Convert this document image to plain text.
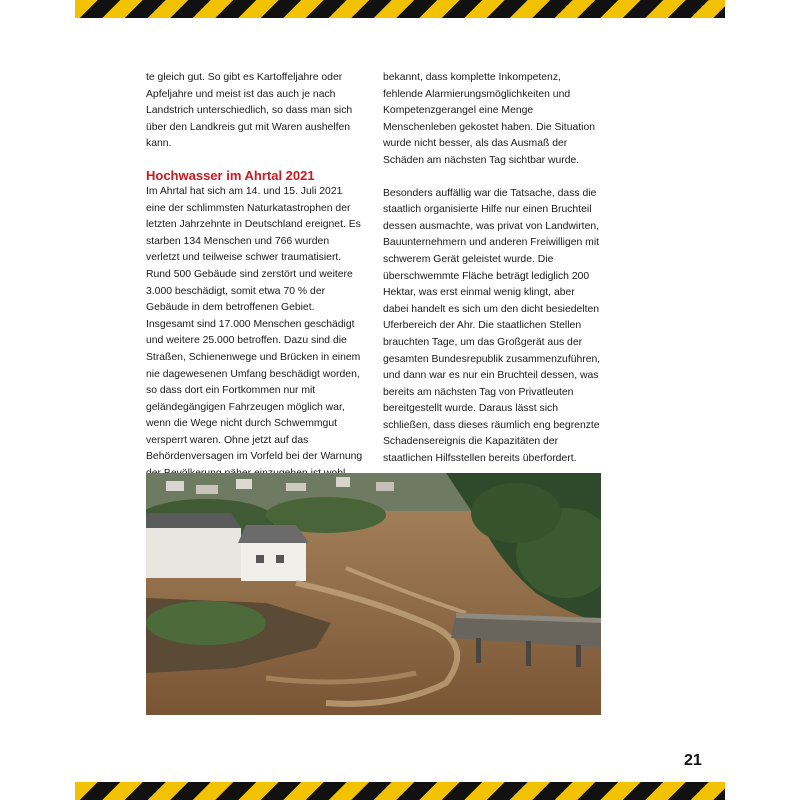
te gleich gut. So gibt es Kartoffeljahre oder Apfeljahre und meist ist das auch je nach Landstrich unterschiedlich, so dass man sich über den Landkreis gut mit Waren aushelfen kann.

Hochwasser im Ahrtal 2021

Im Ahrtal hat sich am 14. und 15. Juli 2021 eine der schlimmsten Naturkatastrophen der letzten Jahrzehnte in Deutschland ereignet. Es starben 134 Menschen und 766 wurden verletzt und teilweise schwer traumatisiert. Rund 500 Gebäude sind zerstört und weitere 3.000 beschädigt, somit etwa 70 % der Gebäude in dem betroffenen Gebiet. Insgesamt sind 17.000 Menschen geschädigt und weitere 25.000 betroffen. Dazu sind die Straßen, Schienenwege und Brücken in einem nie dagewesenen Umfang beschädigt worden, so dass dort ein Fortkommen nur mit geländegängigen Fahrzeugen möglich war, wenn die Wege nicht durch Schwemmgut versperrt waren. Ohne jetzt auf das Behördenversagen im Vorfeld bei der Warnung

bekannt, dass komplette Inkompetenz, fehlende Alarmierungsmöglichkeiten und Kompetenzgerangel eine Menge Menschenleben gekostet haben. Die Situation wurde nicht besser, als das Ausmaß der Schäden am nächsten Tag sichtbar wurde.

Besonders auffällig war die Tatsache, dass die staatlich organisierte Hilfe nur einen Bruchteil dessen ausmachte, was privat von Landwirten, Bauunternehmern und anderen Freiwilligen mit schwerem Gerät geleistet wurde. Die überschwemmte Fläche beträgt lediglich 200 Hektar, was erst einmal wenig klingt, aber dabei handelt es sich um den dicht besiedelten Uferbereich der Ahr. Die staatlichen Stellen brauchten Tage, um das Großgerät aus der gesamten Bundesrepublik zusammenzuführen, und dann war es nur ein Bruchteil dessen, was bereits am nächsten Tag von Privatleuten bereitgestellt wurde. Daraus lässt sich schließen, dass dieses räumlich eng begrenzte Schadensereignis die Kapazitäten der staatlichen Hilfsstellen bereits überfordert.

21
